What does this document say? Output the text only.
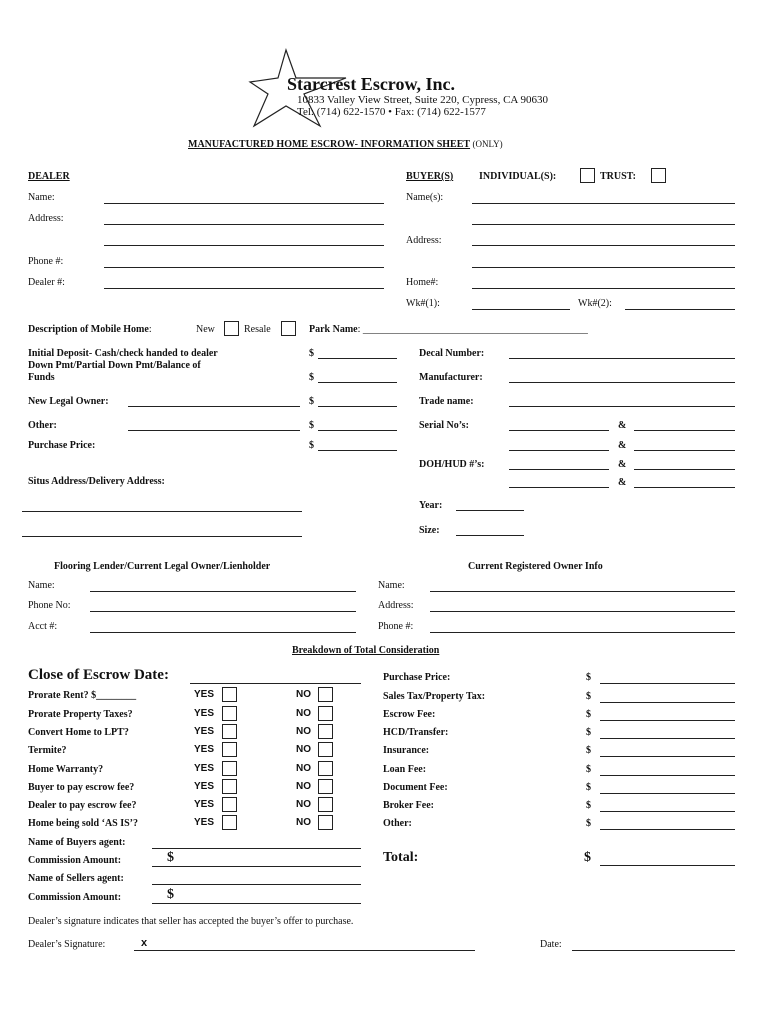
Starcrest Escrow, Inc.
10833 Valley View Street, Suite 220, Cypress, CA 90630
Tel: (714) 622-1570 • Fax: (714) 622-1577
MANUFACTURED HOME ESCROW- INFORMATION SHEET (ONLY)
DEALER
Name:
Address:
Phone #:
Dealer #:
BUYER(S)	INDIVIDUAL(S):	TRUST:
Name(s):
Address:
Home#:
Wk#(1):	Wk#(2):
Description of Mobile Home:	New	Resale	Park Name: _____________________________________________
Initial Deposit- Cash/check handed to dealer
Down Pmt/Partial Down Pmt/Balance of
Funds
$
$
New Legal Owner:	$
Other:	$
Purchase Price:	$
Situs Address/Delivery Address:
Decal Number:
Manufacturer:
Trade name:
Serial No’s:	&
&
DOH/HUD #’s:	&
&
Year:
Size:
Flooring Lender/Current Legal Owner/Lienholder
Name:
Phone No:
Acct #:
Current Registered Owner Info
Name:
Address:
Phone #:
Breakdown of Total Consideration
Close of Escrow Date:
Prorate Rent? $________	YES	NO
Prorate Property Taxes?	YES	NO
Convert Home to LPT?	YES	NO
Termite?	YES	NO
Home Warranty?	YES	NO
Buyer to pay escrow fee?	YES	NO
Dealer to pay escrow fee?	YES	NO
Home being sold ‘AS IS’?	YES	NO
Purchase Price:	$
Sales Tax/Property Tax:	$
Escrow Fee:	$
HCD/Transfer:	$
Insurance:	$
Loan Fee:	$
Document Fee:	$
Broker Fee:	$
Other:	$
Name of Buyers agent:
Commission Amount:	$
Name of Sellers agent:
Commission Amount:	$
Total:	$
Dealer’s signature indicates that seller has accepted the buyer’s offer to purchase.
Dealer’s Signature:	x	Date:
